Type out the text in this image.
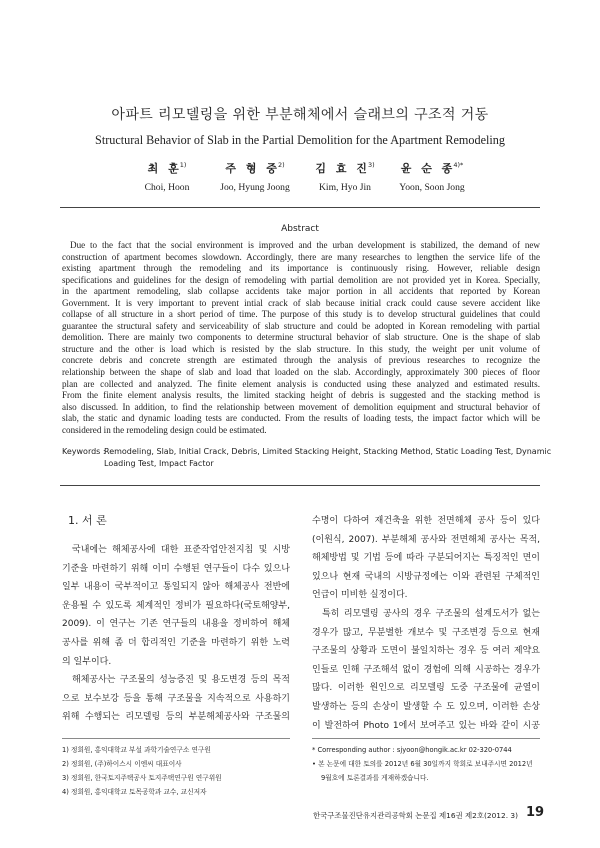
아파트 리모델링을 위한 부분해체에서 슬래브의 구조적 거동
Structural Behavior of Slab in the Partial Demolition for the Apartment Remodeling
최 훈$^{1)}$
Choi, Hoon
주 형 중$^{2)}$
Joo, Hyung Joong
김 효 진$^{3)}$
Kim, Hyo Jin
윤 순 종$^{4)*}$
Yoon, Soon Jong
Abstract
Due to the fact that the social environment is improved and the urban development is stabilized, the demand of new
construction of apartment becomes slowdown. Accordingly, there are many researches to lengthen the service life of the
existing apartment through the remodeling and its importance is continuously rising. However, reliable design
specifications and guidelines for the design of remodeling with partial demolition are not provided yet in Korea. Specially,
in the apartment remodeling, slab collapse accidents take major portion in all accidents that reported by Korean
Government. It is very important to prevent intial crack of slab because initial crack could cause severe accident like
collapse of all structure in a short period of time. The purpose of this study is to develop structural guidelines that could
guarantee the structural safety and serviceability of slab structure and could be adopted in Korean remodeling with partial
demolition. There are mainly two components to determine structural behavior of slab structure. One is the shape of slab
structure and the other is load which is resisted by the slab structure. In this study, the weight per unit volume of
concrete debris and concrete strength are estimated through the analysis of previous researches to recognize the
relationship between the shape of slab and load that loaded on the slab. Accordingly, approximately 300 pieces of floor
plan are collected and analyzed. The finite element analysis is conducted using these analyzed and estimated results.
From the finite element analysis results, the limited stacking height of debris is suggested and the stacking method is
also discussed. In addition, to find the relationship between movement of demolition equipment and structural behavior of
slab, the static and dynamic loading tests are conducted. From the results of loading tests, the impact factor which will be
considered in the remodeling design could be estimated.
Keywords :
Remodeling, Slab, Initial Crack, Debris, Limited Stacking Height, Stacking Method, Static Loading Test, Dynamic
Loading Test, Impact Factor
1. 서 론
국내에는 해체공사에 대한 표준작업안전지침 및 시방
기준을 마련하기 위해 이미 수행된 연구들이 다수 있으나
일부 내용이 국부적이고 통일되지 않아 해체공사 전반에
운용될 수 있도록 체계적인 정비가 필요하다(국토해양부,
2009). 이 연구는 기존 연구들의 내용을 정비하여 해체
공사를 위해 좀 더 합리적인 기준을 마련하기 위한 노력
의 일부이다.
해체공사는 구조물의 성능증진 및 용도변경 등의 목적
으로 보수보강 등을 통해 구조물을 지속적으로 사용하기
위해 수행되는 리모델링 등의 부분해체공사와 구조물의
수명이 다하여 재건축을 위한 전면해체 공사 등이 있다
(이원식, 2007). 부분해체 공사와 전면해체 공사는 목적,
해체방법 및 기법 등에 따라 구분되어지는 특징적인 면이
있으나 현재 국내의 시방규정에는 이와 관련된 구체적인
언급이 미비한 실정이다.
특히 리모델링 공사의 경우 구조물의 설계도서가 없는
경우가 많고, 무분별한 개보수 및 구조변경 등으로 현재
구조물의 상황과 도면이 불일치하는 경우 등 여러 제약요
인들로 인해 구조해석 없이 경험에 의해 시공하는 경우가
많다. 이러한 원인으로 리모델링 도중 구조물에 균열이
발생하는 등의 손상이 발생할 수 도 있으며, 이러한 손상
이 발전하여 Photo 1에서 보여주고 있는 바와 같이 시공
1) 정회원, 홍익대학교 부설 과학기술연구소 연구원
2) 정회원, (주)하이스시 이엔씨 대표이사
3) 정회원, 한국토지주택공사 토지주택연구원 연구위원
4) 정회원, 홍익대학교 토목공학과 교수, 교신저자
* Corresponding author : sjyoon@hongik.ac.kr 02-320-0744
• 본 논문에 대한 토의를 2012년 6월 30일까지 학회로 보내주시면 2012년
9월호에 토론결과를 게재하겠습니다.
한국구조물진단유지관리공학회 논문집 제16권 제2호(2012. 3) 19
